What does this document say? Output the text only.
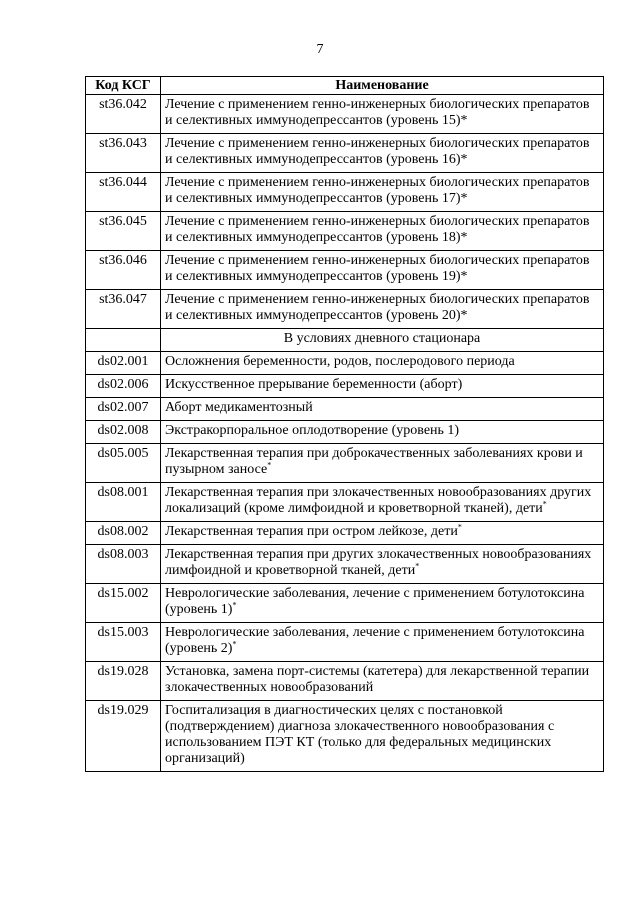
7
Код КСГ	Наименование
st36.042	Лечение с применением генно-инженерных биологических препаратов и селективных иммунодепрессантов (уровень 15)*
st36.043	Лечение с применением генно-инженерных биологических препаратов и селективных иммунодепрессантов (уровень 16)*
st36.044	Лечение с применением генно-инженерных биологических препаратов и селективных иммунодепрессантов (уровень 17)*
st36.045	Лечение с применением генно-инженерных биологических препаратов и селективных иммунодепрессантов (уровень 18)*
st36.046	Лечение с применением генно-инженерных биологических препаратов и селективных иммунодепрессантов (уровень 19)*
st36.047	Лечение с применением генно-инженерных биологических препаратов и селективных иммунодепрессантов (уровень 20)*
	В условиях дневного стационара
ds02.001	Осложнения беременности, родов, послеродового периода
ds02.006	Искусственное прерывание беременности (аборт)
ds02.007	Аборт медикаментозный
ds02.008	Экстракорпоральное оплодотворение (уровень 1)
ds05.005	Лекарственная терапия при доброкачественных заболеваниях крови и пузырном заносе*
ds08.001	Лекарственная терапия при злокачественных новообразованиях других локализаций (кроме лимфоидной и кроветворной тканей), дети*
ds08.002	Лекарственная терапия при остром лейкозе, дети*
ds08.003	Лекарственная терапия при других злокачественных новообразованиях лимфоидной и кроветворной тканей, дети*
ds15.002	Неврологические заболевания, лечение с применением ботулотоксина (уровень 1)*
ds15.003	Неврологические заболевания, лечение с применением ботулотоксина (уровень 2)*
ds19.028	Установка, замена порт-системы (катетера) для лекарственной терапии злокачественных новообразований
ds19.029	Госпитализация в диагностических целях с постановкой (подтверждением) диагноза злокачественного новообразования с использованием ПЭТ КТ (только для федеральных медицинских организаций)
